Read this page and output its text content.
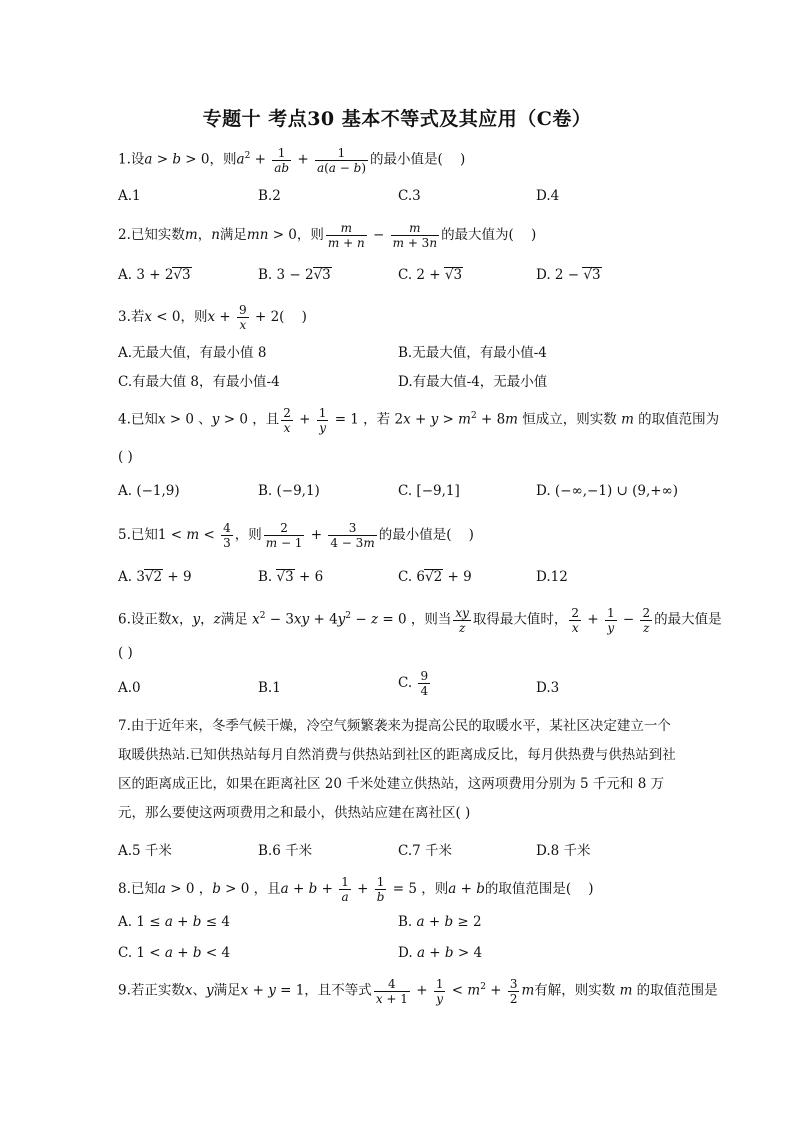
专题十 考点30 基本不等式及其应用（C卷）
1.设a > b > 0，则$a^2 + \frac{1}{ab} + \frac{1}{a(a - b)}$ 的最小值是(    )
A.1	B.2	C.3	D.4
2.已知实数m，n满足mn > 0，则 $\frac{m}{m + n} - \frac{m}{m + 3n}$ 的最大值为(    )
A. 3 + 2√3	B. 3 − 2√3	C. 2 + √3	D. 2 − √3
3.若x < 0，则$x + \frac{9}{x} + 2$(    )
A.无最大值，有最小值 8	B.无最大值，有最小值-4
C.有最大值 8，有最小值-4	D.有最大值-4，无最小值
4.已知x > 0 、y > 0 ，且 $\frac{2}{x} + \frac{1}{y} = 1$ ，若 $2x + y > m^2 + 8m$ 恒成立，则实数 m 的取值范围为
( )
A. (−1,9)	B. (−9,1)	C. [−9,1]	D. (−∞,−1) ∪ (9,+∞)
5.已知$1 < m < \frac{4}{3}$ ，则 $\frac{2}{m - 1} + \frac{3}{4 - 3m}$ 的最小值是(    )
A. 3√2 + 9	B. √3 + 6	C. 6√2 + 9	D.12
6.设正数x，y，z满足 $x^2 - 3xy + 4y^2 - z = 0$ ，则当 $\frac{xy}{z}$ 取得最大值时， $\frac{2}{x} + \frac{1}{y} - \frac{2}{z}$ 的最大值是
( )
A.0	B.1	C. $\frac{9}{4}$	D.3
7.由于近年来，冬季气候干燥，冷空气频繁袭来为提高公民的取暖水平，某社区决定建立一个取暖供热站.已知供热站每月自然消费与供热站到社区的距离成反比，每月供热费与供热站到社区的距离成正比，如果在距离社区 20 千米处建立供热站，这两项费用分别为 5 千元和 8 万元，那么要使这两项费用之和最小，供热站应建在离社区( )
A.5 千米	B.6 千米	C.7 千米	D.8 千米
8.已知a > 0 ，b > 0 ，且$a + b + \frac{1}{a} + \frac{1}{b} = 5$ ，则a + b的取值范围是(    )
A. 1 ≤ a + b ≤ 4	B. a + b ≥ 2
C. 1 < a + b < 4	D. a + b > 4
9.若正实数x、y满足x + y = 1，且不等式 $\frac{4}{x + 1} + \frac{1}{y} < m^2 + \frac{3}{2}$ m有解，则实数 m 的取值范围是
